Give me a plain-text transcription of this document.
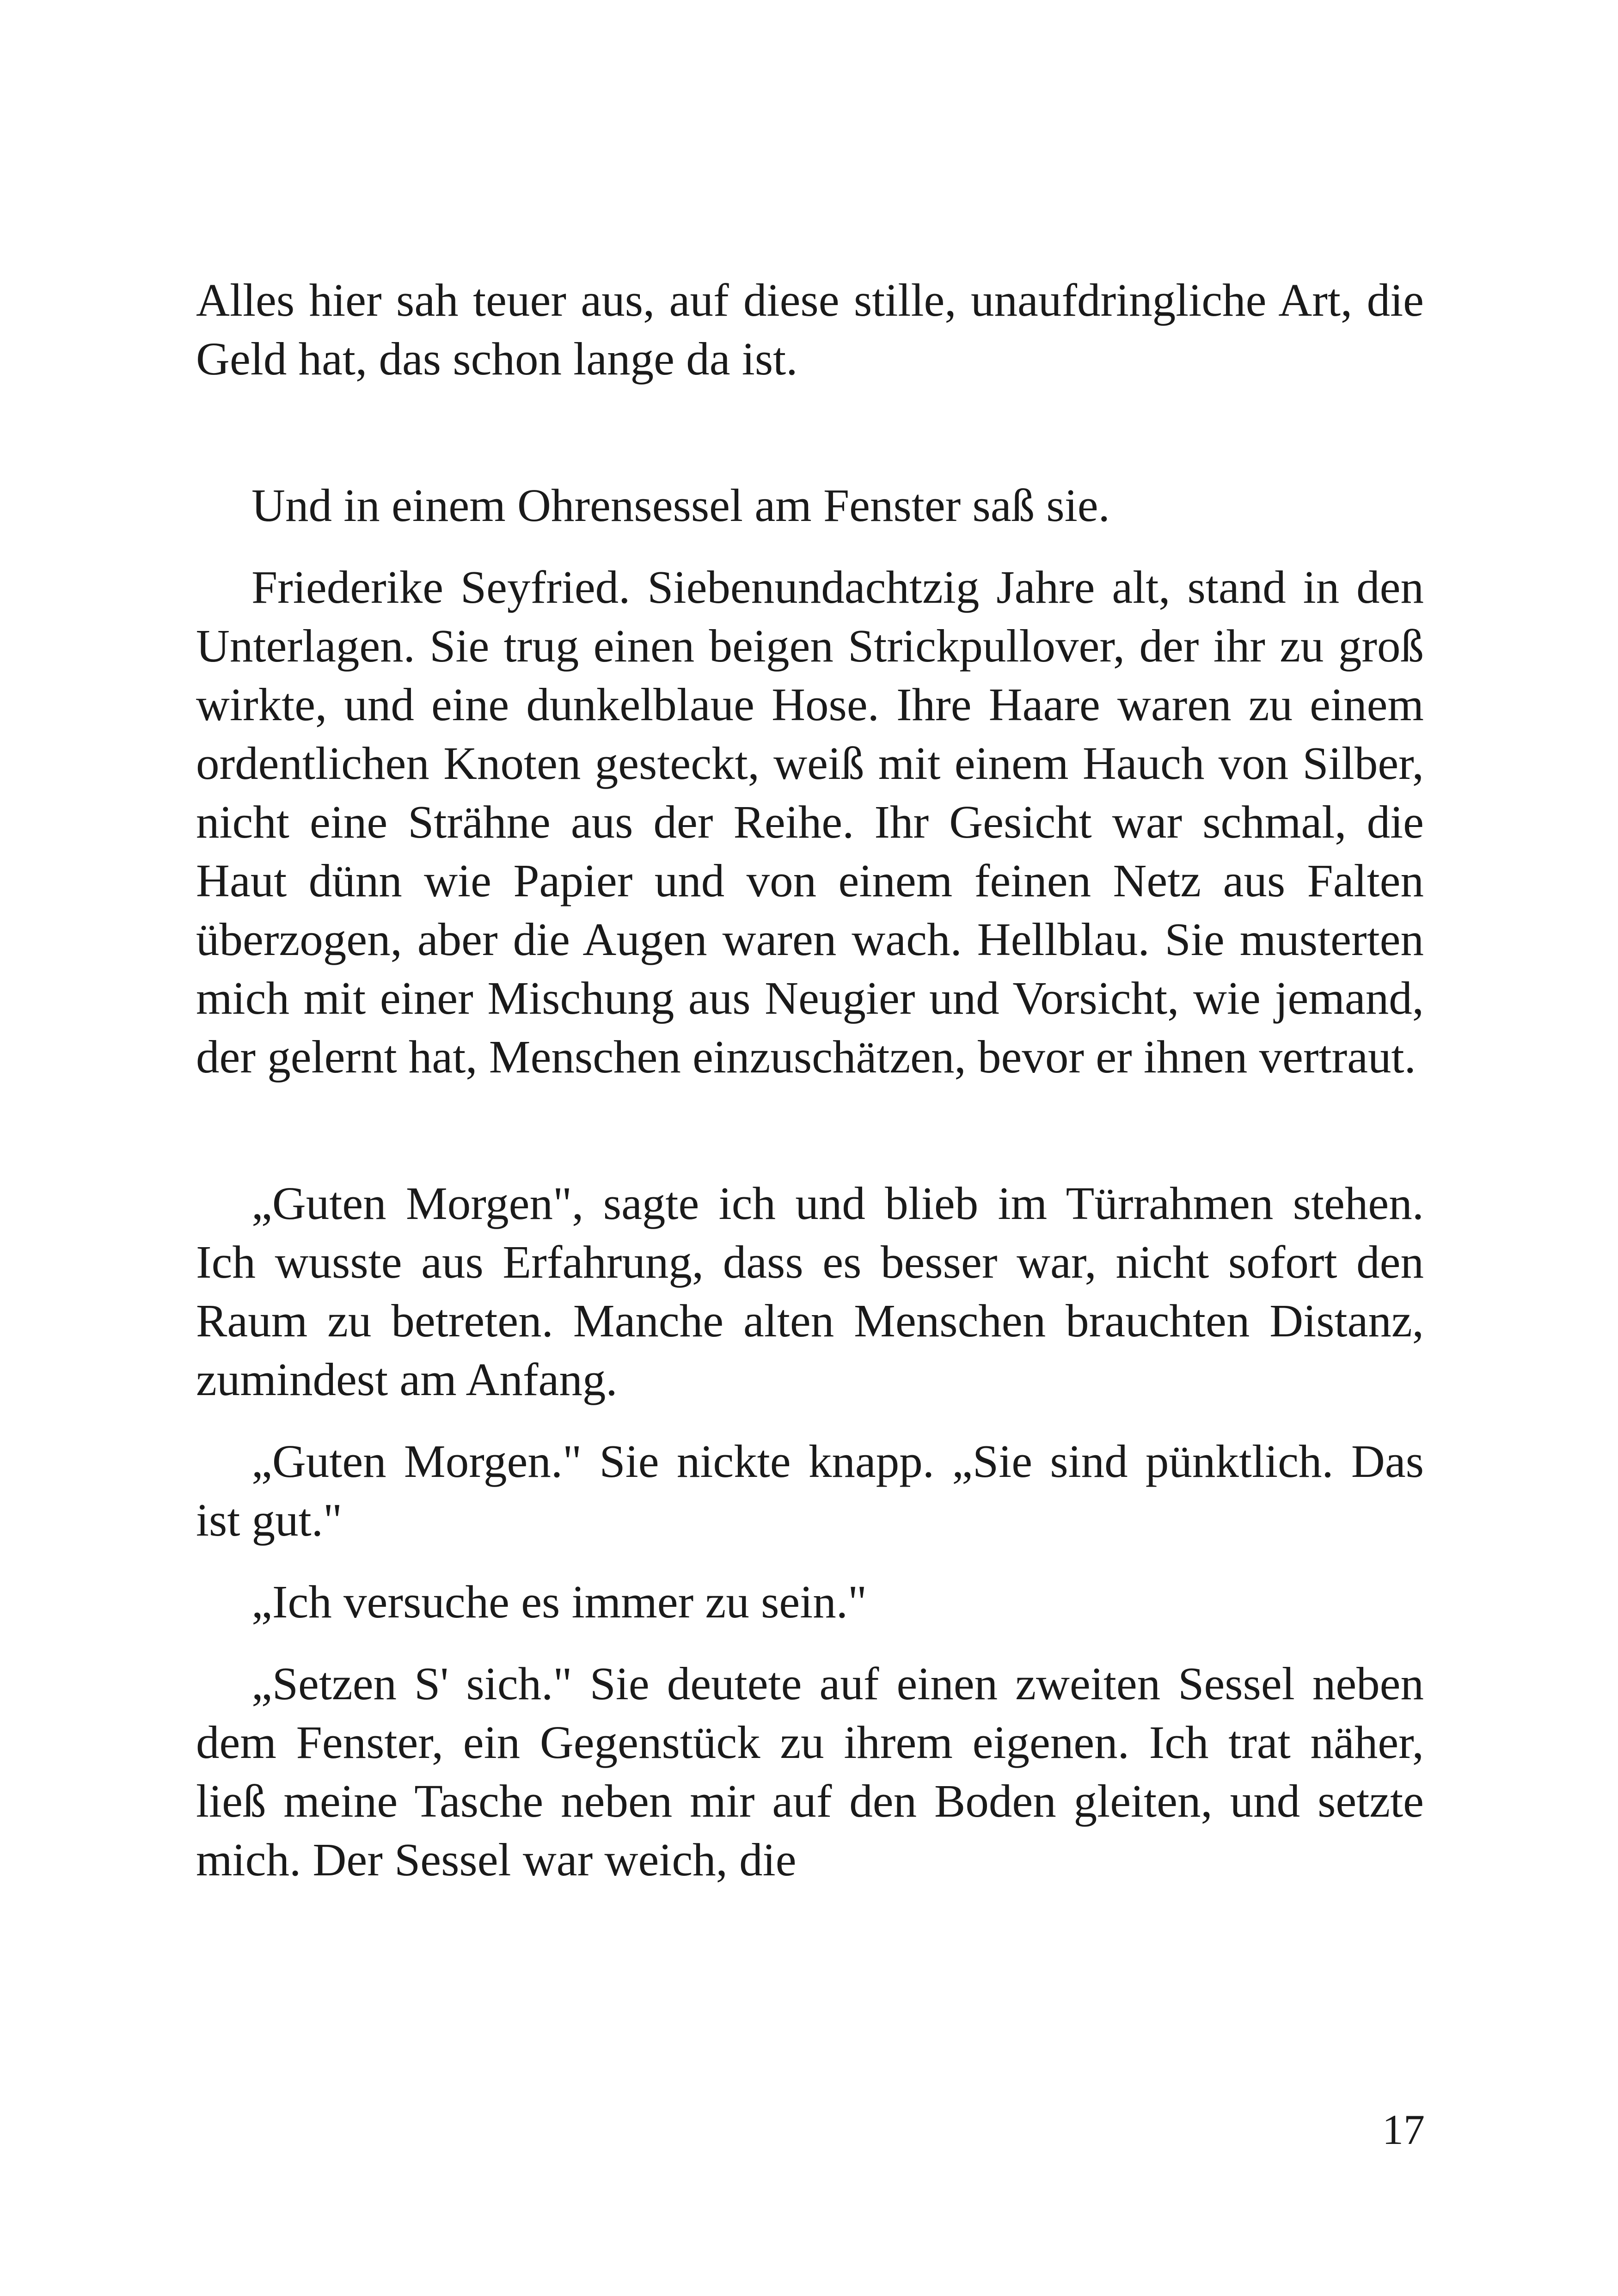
Alles hier sah teuer aus, auf diese stille, unaufdringliche Art, die Geld hat, das schon lange da ist.

Und in einem Ohrensessel am Fenster saß sie.

Friederike Seyfried. Siebenundachtzig Jahre alt, stand in den Unterlagen. Sie trug einen beigen Strickpullover, der ihr zu groß wirkte, und eine dunkelblaue Hose. Ihre Haare waren zu einem ordentlichen Knoten gesteckt, weiß mit einem Hauch von Silber, nicht eine Strähne aus der Reihe. Ihr Gesicht war schmal, die Haut dünn wie Papier und von einem feinen Netz aus Falten überzogen, aber die Augen waren wach. Hellblau. Sie musterten mich mit einer Mischung aus Neugier und Vorsicht, wie jemand, der gelernt hat, Menschen einzuschätzen, bevor er ihnen vertraut.

„Guten Morgen", sagte ich und blieb im Türrahmen stehen. Ich wusste aus Erfahrung, dass es besser war, nicht sofort den Raum zu betreten. Manche alten Menschen brauchten Distanz, zumindest am Anfang.

„Guten Morgen." Sie nickte knapp. „Sie sind pünktlich. Das ist gut."

„Ich versuche es immer zu sein."

„Setzen S' sich." Sie deutete auf einen zweiten Sessel neben dem Fenster, ein Gegenstück zu ihrem eigenen. Ich trat näher, ließ meine Tasche neben mir auf den Boden gleiten, und setzte mich. Der Sessel war weich, die

17
